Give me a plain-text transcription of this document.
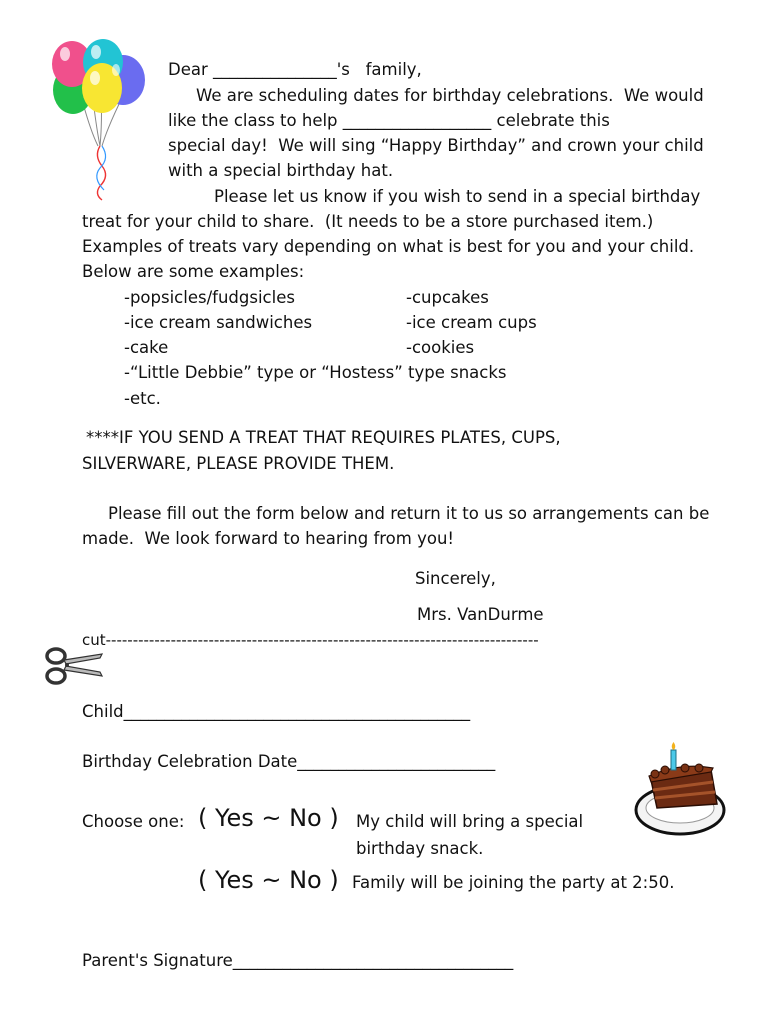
Dear _______________'s   family,
We are scheduling dates for birthday celebrations.  We would
like the class to help __________________ celebrate this
special day!  We will sing “Happy Birthday” and crown your child
with a special birthday hat.
Please let us know if you wish to send in a special birthday
treat for your child to share.  (It needs to be a store purchased item.)
Examples of treats vary depending on what is best for you and your child.
Below are some examples:
-popsicles/fudgsicles
-ice cream sandwiches
-cake
-“Little Debbie” type or “Hostess” type snacks
-etc.
-cupcakes
-ice cream cups
-cookies
****IF YOU SEND A TREAT THAT REQUIRES PLATES, CUPS,
SILVERWARE, PLEASE PROVIDE THEM.
Please fill out the form below and return it to us so arrangements can be
made.  We look forward to hearing from you!
Sincerely,
Mrs. VanDurme
cut--------------------------------------------------------------------------------
Child__________________________________________
Birthday Celebration Date________________________
Choose one: ( Yes ~ No ) My child will bring a special
birthday snack.
( Yes ~ No ) Family will be joining the party at 2:50.
Parent's Signature__________________________________
